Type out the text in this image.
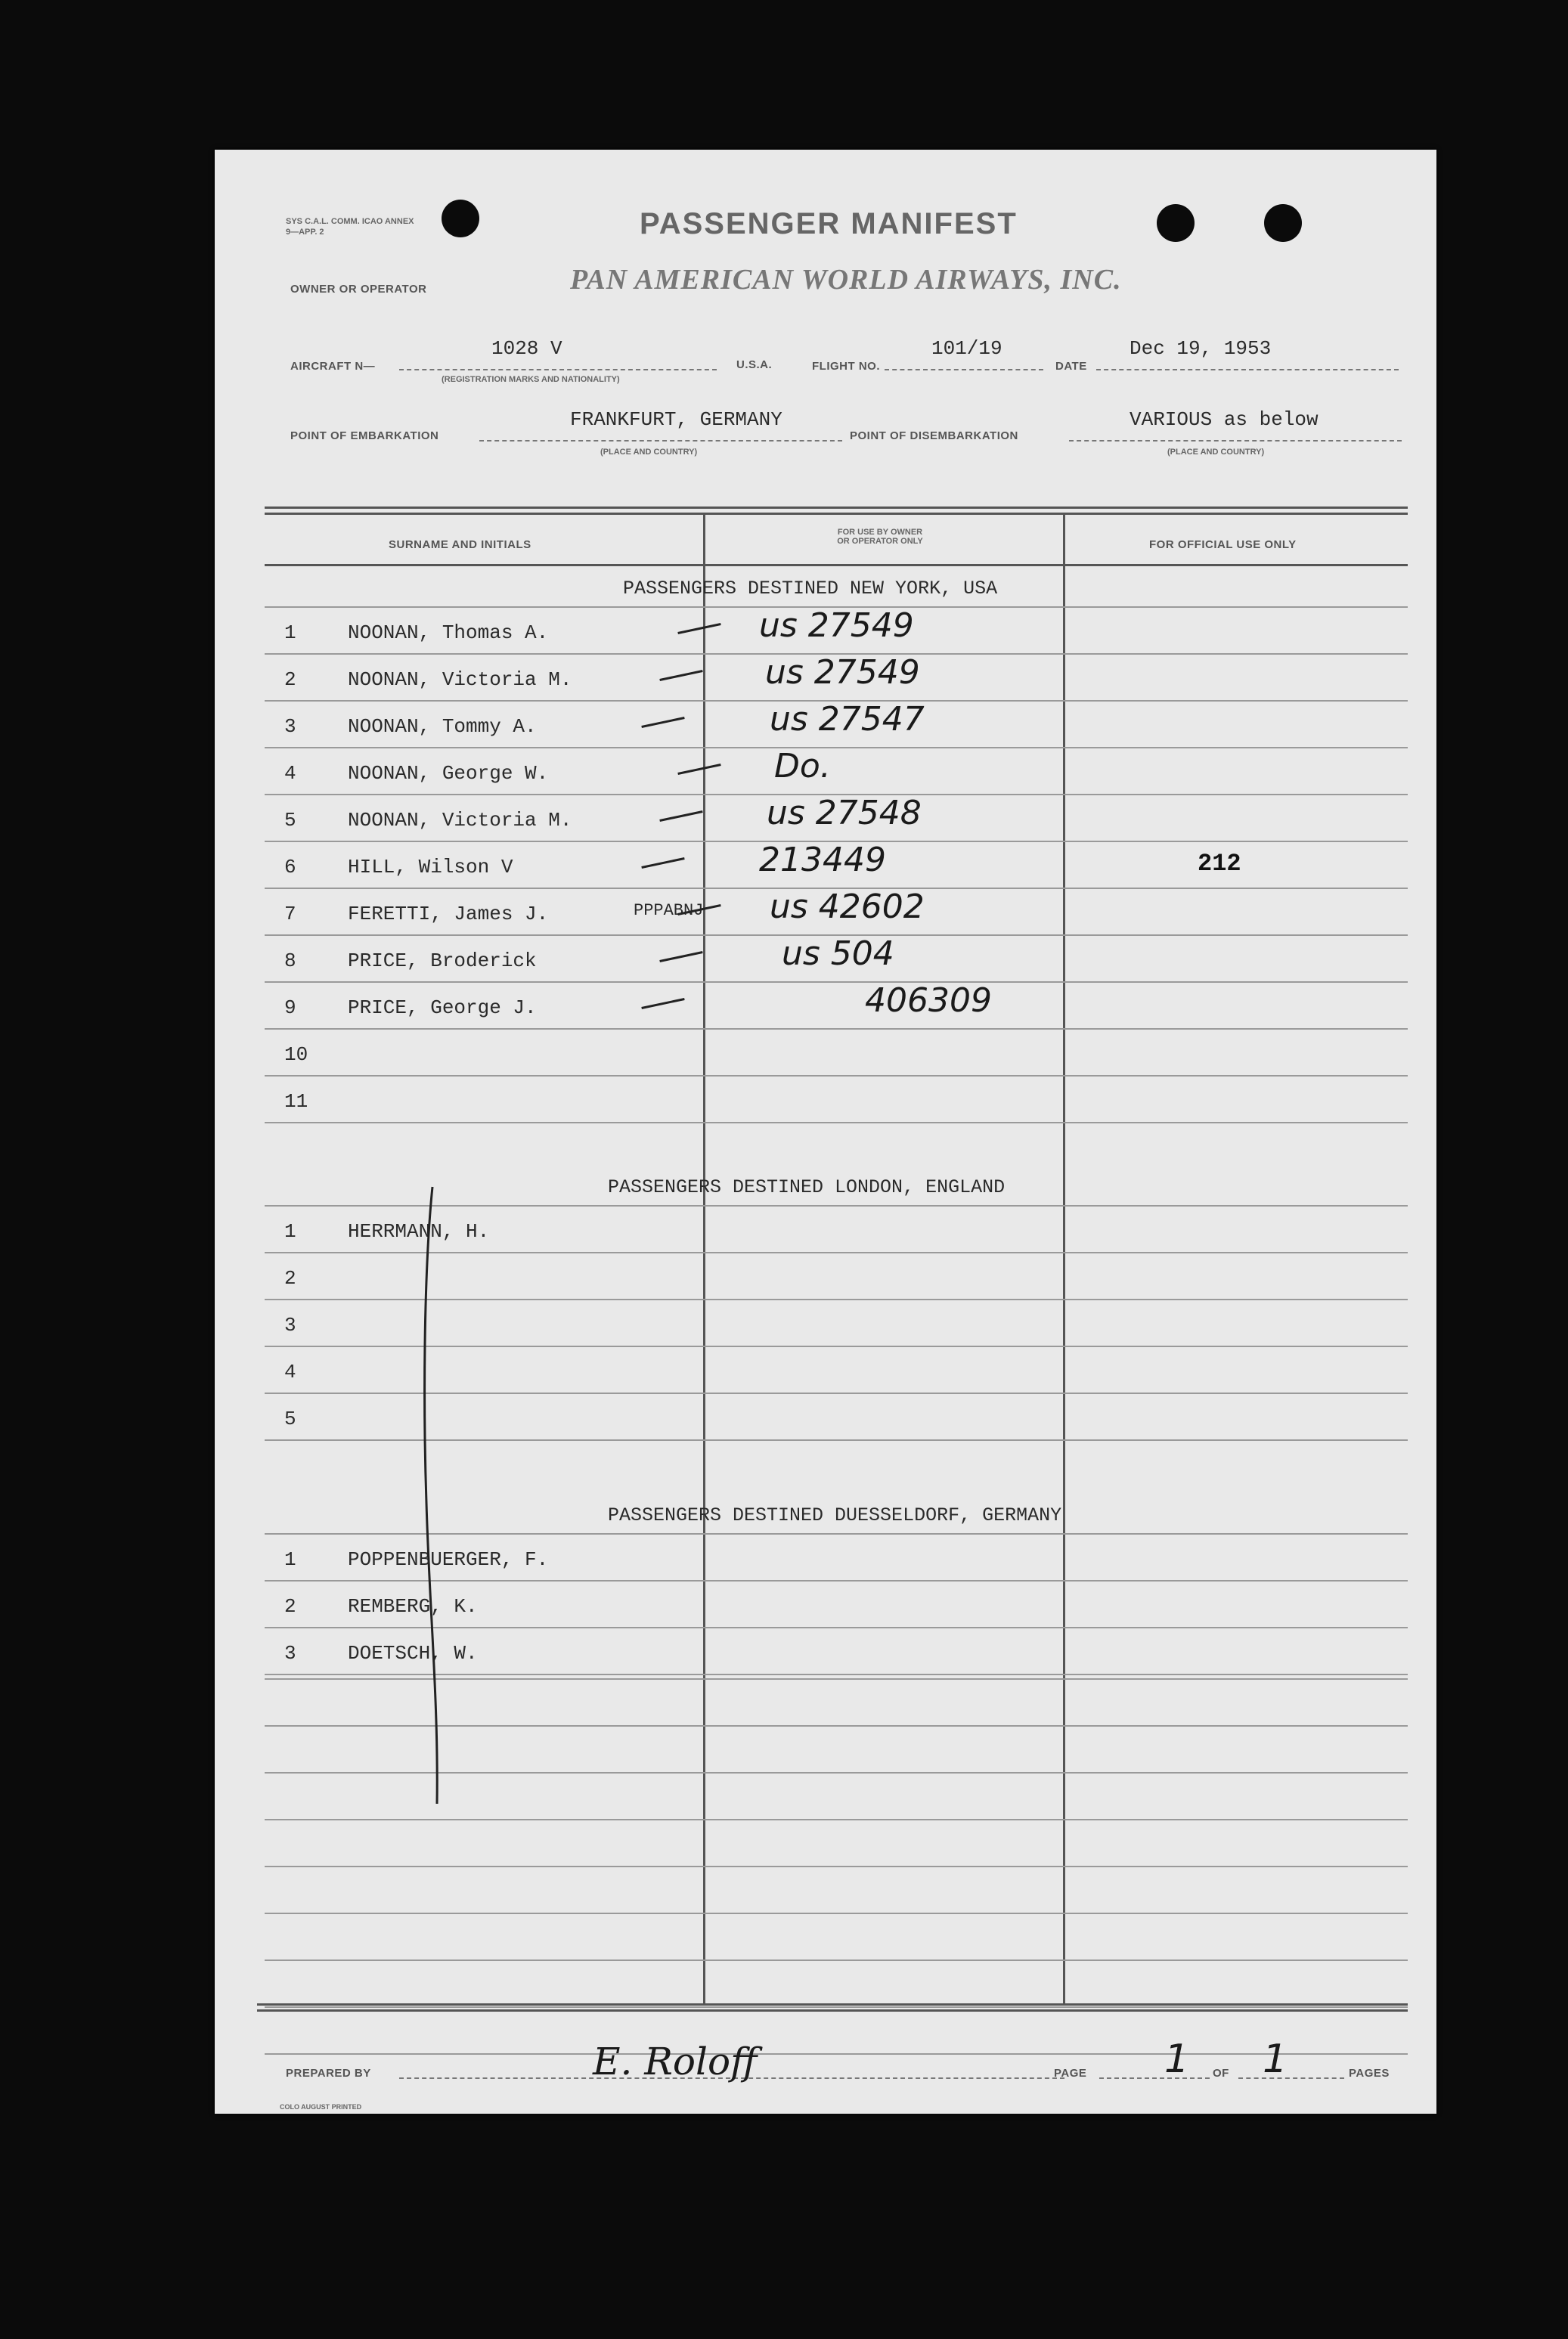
SYS C.A.L. COMM. ICAO ANNEX 9—APP. 2	PASSENGER MANIFEST
OWNER OR OPERATOR	PAN AMERICAN WORLD AIRWAYS, INC.
AIRCRAFT N—
1028 V
(REGISTRATION MARKS AND NATIONALITY)
U.S.A.	FLIGHT NO.
101/19
DATE
Dec 19, 1953
POINT OF EMBARKATION
FRANKFURT, GERMANY
(PLACE AND COUNTRY)
POINT OF DISEMBARKATION
VARIOUS as below
(PLACE AND COUNTRY)
SURNAME AND INITIALS
FOR USE BY OWNER
OR OPERATOR ONLY	FOR OFFICIAL USE ONLY
PASSENGERS DESTINED NEW YORK, USA
1	NOONAN, Thomas A.	us 27549
2	NOONAN, Victoria M.	us 27549
3	NOONAN, Tommy A.	us 27547
4	NOONAN, George W.	Do.
5	NOONAN, Victoria M.	us 27548
6	HILL, Wilson V	213449	212
7	FERETTI, James J.	PPPABNJ us 42602
8	PRICE, Broderick	us 504
9	PRICE, George J.	406309
10
11
PASSENGERS DESTINED LONDON, ENGLAND
1	HERRMANN, H.
2
3
4
5
PASSENGERS DESTINED DUESSELDORF, GERMANY
1	POPPENBUERGER, F.
2	REMBERG, K.
3	DOETSCH, W.
PREPARED BY	E. Roloff	PAGE 1 OF 1	PAGES
COLO AUGUST PRINTED
